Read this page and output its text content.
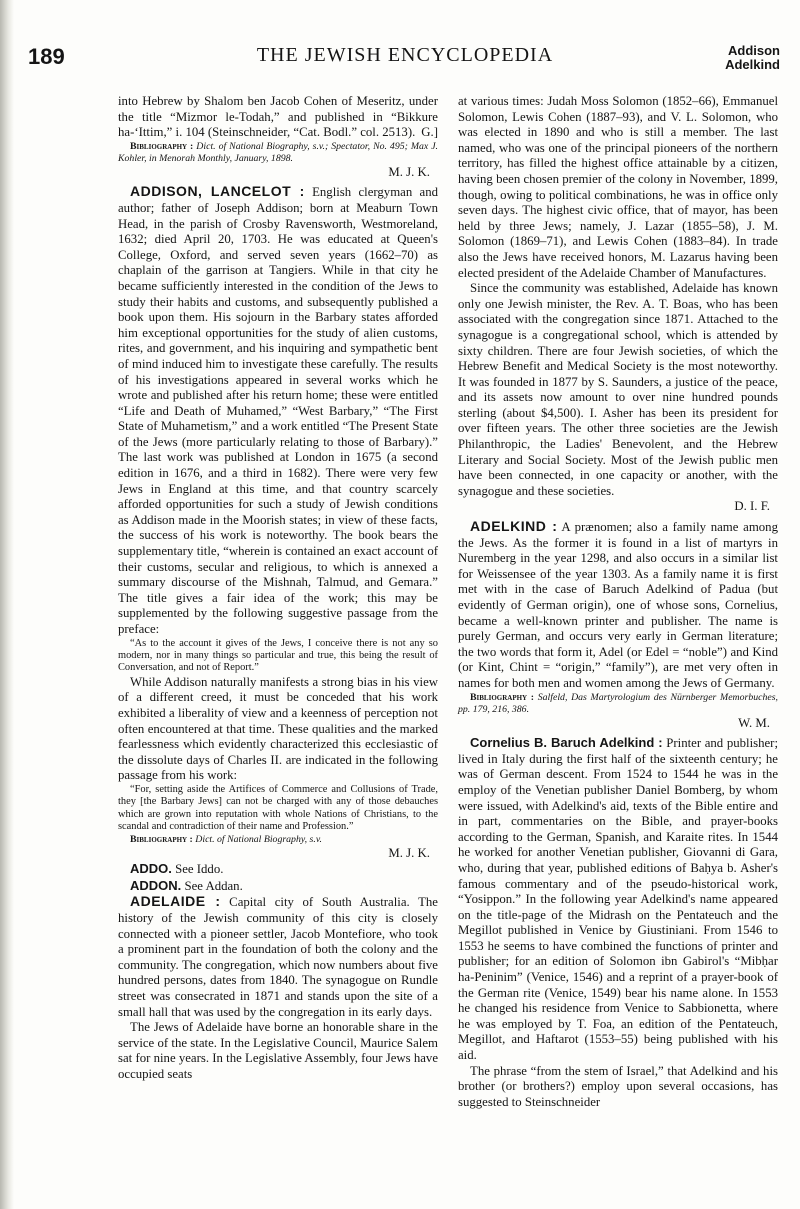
189	THE JEWISH ENCYCLOPEDIA	Addison
Adelkind

into Hebrew by Shalom ben Jacob Cohen of Meseritz, under the title “Mizmor le-Todah,” and published in “Bikkure ha-‘Ittim,” i. 104 (Steinschneider, “Cat. Bodl.” col. 2513). G.]

Bibliography : Dict. of National Biography, s.v.; Spectator, No. 495; Max J. Kohler, in Menorah Monthly, January, 1898.

M. J. K.

ADDISON, LANCELOT : English clergyman and author; father of Joseph Addison; born at Meaburn Town Head, in the parish of Crosby Ravensworth, Westmoreland, 1632; died April 20, 1703. He was educated at Queen's College, Oxford, and served seven years (1662–70) as chaplain of the garrison at Tangiers. While in that city he became sufficiently interested in the condition of the Jews to study their habits and customs, and subsequently published a book upon them. His sojourn in the Barbary states afforded him exceptional opportunities for the study of alien customs, rites, and government, and his inquiring and sympathetic bent of mind induced him to investigate these carefully. The results of his investigations appeared in several works which he wrote and published after his return home; these were entitled “Life and Death of Muhamed,” “West Barbary,” “The First State of Muhametism,” and a work entitled “The Present State of the Jews (more particularly relating to those of Barbary).” The last work was published at London in 1675 (a second edition in 1676, and a third in 1682). There were very few Jews in England at this time, and that country scarcely afforded opportunities for such a study of Jewish conditions as Addison made in the Moorish states; in view of these facts, the success of his work is noteworthy. The book bears the supplementary title, “wherein is contained an exact account of their customs, secular and religious, to which is annexed a summary discourse of the Mishnah, Talmud, and Gemara.” The title gives a fair idea of the work; this may be supplemented by the following suggestive passage from the preface:

“As to the account it gives of the Jews, I conceive there is not any so modern, nor in many things so particular and true, this being the result of Conversation, and not of Report.”

While Addison naturally manifests a strong bias in his view of a different creed, it must be conceded that his work exhibited a liberality of view and a keenness of perception not often encountered at that time. These qualities and the marked fearlessness which evidently characterized this ecclesiastic of the dissolute days of Charles II. are indicated in the following passage from his work:

“For, setting aside the Artifices of Commerce and Collusions of Trade, they [the Barbary Jews] can not be charged with any of those debauches which are grown into reputation with whole Nations of Christians, to the scandal and contradiction of their name and Profession.”

Bibliography : Dict. of National Biography, s.v.

M. J. K.

ADDO. See Iddo.

ADDON. See Addan.

ADELAIDE : Capital city of South Australia. The history of the Jewish community of this city is closely connected with a pioneer settler, Jacob Montefiore, who took a prominent part in the foundation of both the colony and the community. The congregation, which now numbers about five hundred persons, dates from 1840. The synagogue on Rundle street was consecrated in 1871 and stands upon the site of a small hall that was used by the congregation in its early days.

The Jews of Adelaide have borne an honorable share in the service of the state. In the Legislative Council, Maurice Salem sat for nine years. In the Legislative Assembly, four Jews have occupied seats

at various times: Judah Moss Solomon (1852–66), Emmanuel Solomon, Lewis Cohen (1887–93), and V. L. Solomon, who was elected in 1890 and who is still a member. The last named, who was one of the principal pioneers of the northern territory, has filled the highest office attainable by a citizen, having been chosen premier of the colony in November, 1899, though, owing to political combinations, he was in office only seven days. The highest civic office, that of mayor, has been held by three Jews; namely, J. Lazar (1855–58), J. M. Solomon (1869–71), and Lewis Cohen (1883–84). In trade also the Jews have received honors, M. Lazarus having been elected president of the Adelaide Chamber of Manufactures.

Since the community was established, Adelaide has known only one Jewish minister, the Rev. A. T. Boas, who has been associated with the congregation since 1871. Attached to the synagogue is a congregational school, which is attended by sixty children. There are four Jewish societies, of which the Hebrew Benefit and Medical Society is the most noteworthy. It was founded in 1877 by S. Saunders, a justice of the peace, and its assets now amount to over nine hundred pounds sterling (about $4,500). I. Asher has been its president for over fifteen years. The other three societies are the Jewish Philanthropic, the Ladies' Benevolent, and the Hebrew Literary and Social Society. Most of the Jewish public men have been connected, in one capacity or another, with the synagogue and these societies.

D. I. F.

ADELKIND : A prænomen; also a family name among the Jews. As the former it is found in a list of martyrs in Nuremberg in the year 1298, and also occurs in a similar list for Weissensee of the year 1303. As a family name it is first met with in the case of Baruch Adelkind of Padua (but evidently of German origin), one of whose sons, Cornelius, became a well-known printer and publisher. The name is purely German, and occurs very early in German literature; the two words that form it, Adel (or Edel = “noble”) and Kind (or Kint, Chint = “origin,” “family”), are met very often in names for both men and women among the Jews of Germany.

Bibliography : Salfeld, Das Martyrologium des Nürnberger Memorbuches, pp. 179, 216, 386.

W. M.

Cornelius B. Baruch Adelkind : Printer and publisher; lived in Italy during the first half of the sixteenth century; he was of German descent. From 1524 to 1544 he was in the employ of the Venetian publisher Daniel Bomberg, by whom were issued, with Adelkind's aid, texts of the Bible entire and in part, commentaries on the Bible, and prayer-books according to the German, Spanish, and Karaite rites. In 1544 he worked for another Venetian publisher, Giovanni di Gara, who, during that year, published editions of Baḥya b. Asher's famous commentary and of the pseudo-historical work, “Yosippon.” In the following year Adelkind's name appeared on the title-page of the Midrash on the Pentateuch and the Megillot published in Venice by Giustiniani. From 1546 to 1553 he seems to have combined the functions of printer and publisher; for an edition of Solomon ibn Gabirol's “Mibḥar ha-Peninim” (Venice, 1546) and a reprint of a prayer-book of the German rite (Venice, 1549) bear his name alone. In 1553 he changed his residence from Venice to Sabbionetta, where he was employed by T. Foa, an edition of the Pentateuch, Megillot, and Haftarot (1553–55) being published with his aid.

The phrase “from the stem of Israel,” that Adelkind and his brother (or brothers?) employ upon several occasions, has suggested to Steinschneider
